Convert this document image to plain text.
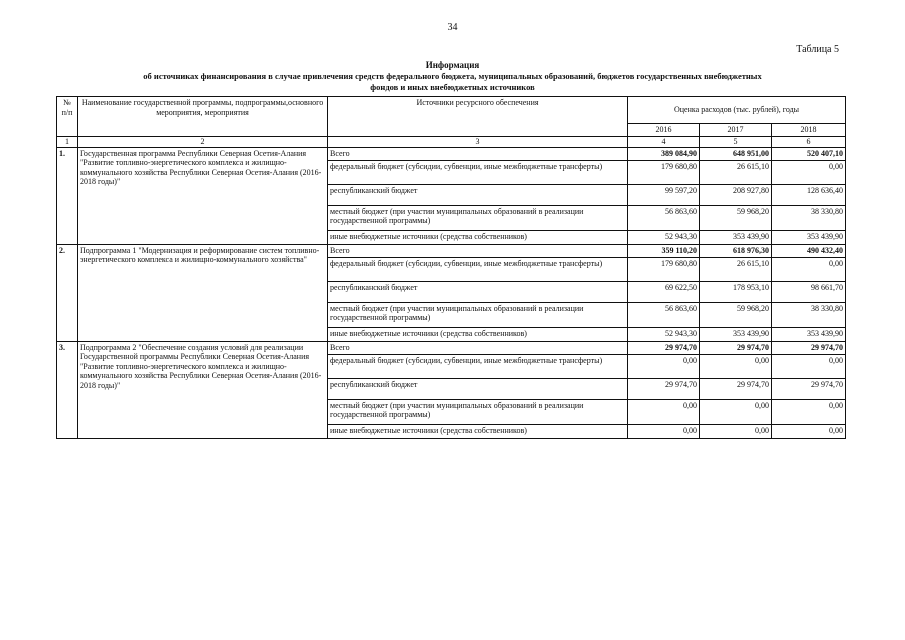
34
Таблица 5
Информация
об источниках финансирования в случае привлечения средств федерального бюджета, муниципальных образований, бюджетов государственных внебюджетных
фондов и иных внебюджетных источников
№ п/п	Наименование государственной программы, подпрограммы,основного мероприятия, мероприятия	Источники ресурсного обеспечения	Оценка расходов (тыс. рублей), годы		
			2016	2017	2018
1	2	3	4	5	6
1.	Государственная программа Республики Северная Осетия-Алания "Развитие топливно-энергетического комплекса и жилищно-коммунального хозяйства Республики Северная Осетия-Алания (2016-2018 годы)"	Всего	389 084,90	648 951,00	520 407,10
		федеральный бюджет (субсидии, субвенции, иные межбюджетные трансферты)	179 680,80	26 615,10	0,00
		республиканский бюджет	99 597,20	208 927,80	128 636,40
		местный бюджет (при участии муниципальных образований в реализации государственной программы)	56 863,60	59 968,20	38 330,80
		иные внебюджетные источники (средства собственников)	52 943,30	353 439,90	353 439,90
2.	Подпрограмма 1 "Модернизация и реформирование систем топливно-энергетического комплекса и жилищно-коммунального хозяйства"	Всего	359 110,20	618 976,30	490 432,40
		федеральный бюджет (субсидии, субвенции, иные межбюджетные трансферты)	179 680,80	26 615,10	0,00
		республиканский бюджет	69 622,50	178 953,10	98 661,70
		местный бюджет (при участии муниципальных образований в реализации государственной программы)	56 863,60	59 968,20	38 330,80
		иные внебюджетные источники (средства собственников)	52 943,30	353 439,90	353 439,90
3.	Подпрограмма 2 "Обеспечение создания условий для реализации Государственной программы Республики Северная Осетия-Алания "Развитие топливно-энергетического комплекса и жилищно-коммунального хозяйства Республики Северная Осетия-Алания (2016-2018 годы)"	Всего	29 974,70	29 974,70	29 974,70
		федеральный бюджет (субсидии, субвенции, иные межбюджетные трансферты)	0,00	0,00	0,00
		республиканский бюджет	29 974,70	29 974,70	29 974,70
		местный бюджет (при участии муниципальных образований в реализации государственной программы)	0,00	0,00	0,00
		иные внебюджетные источники (средства собственников)	0,00	0,00	0,00
